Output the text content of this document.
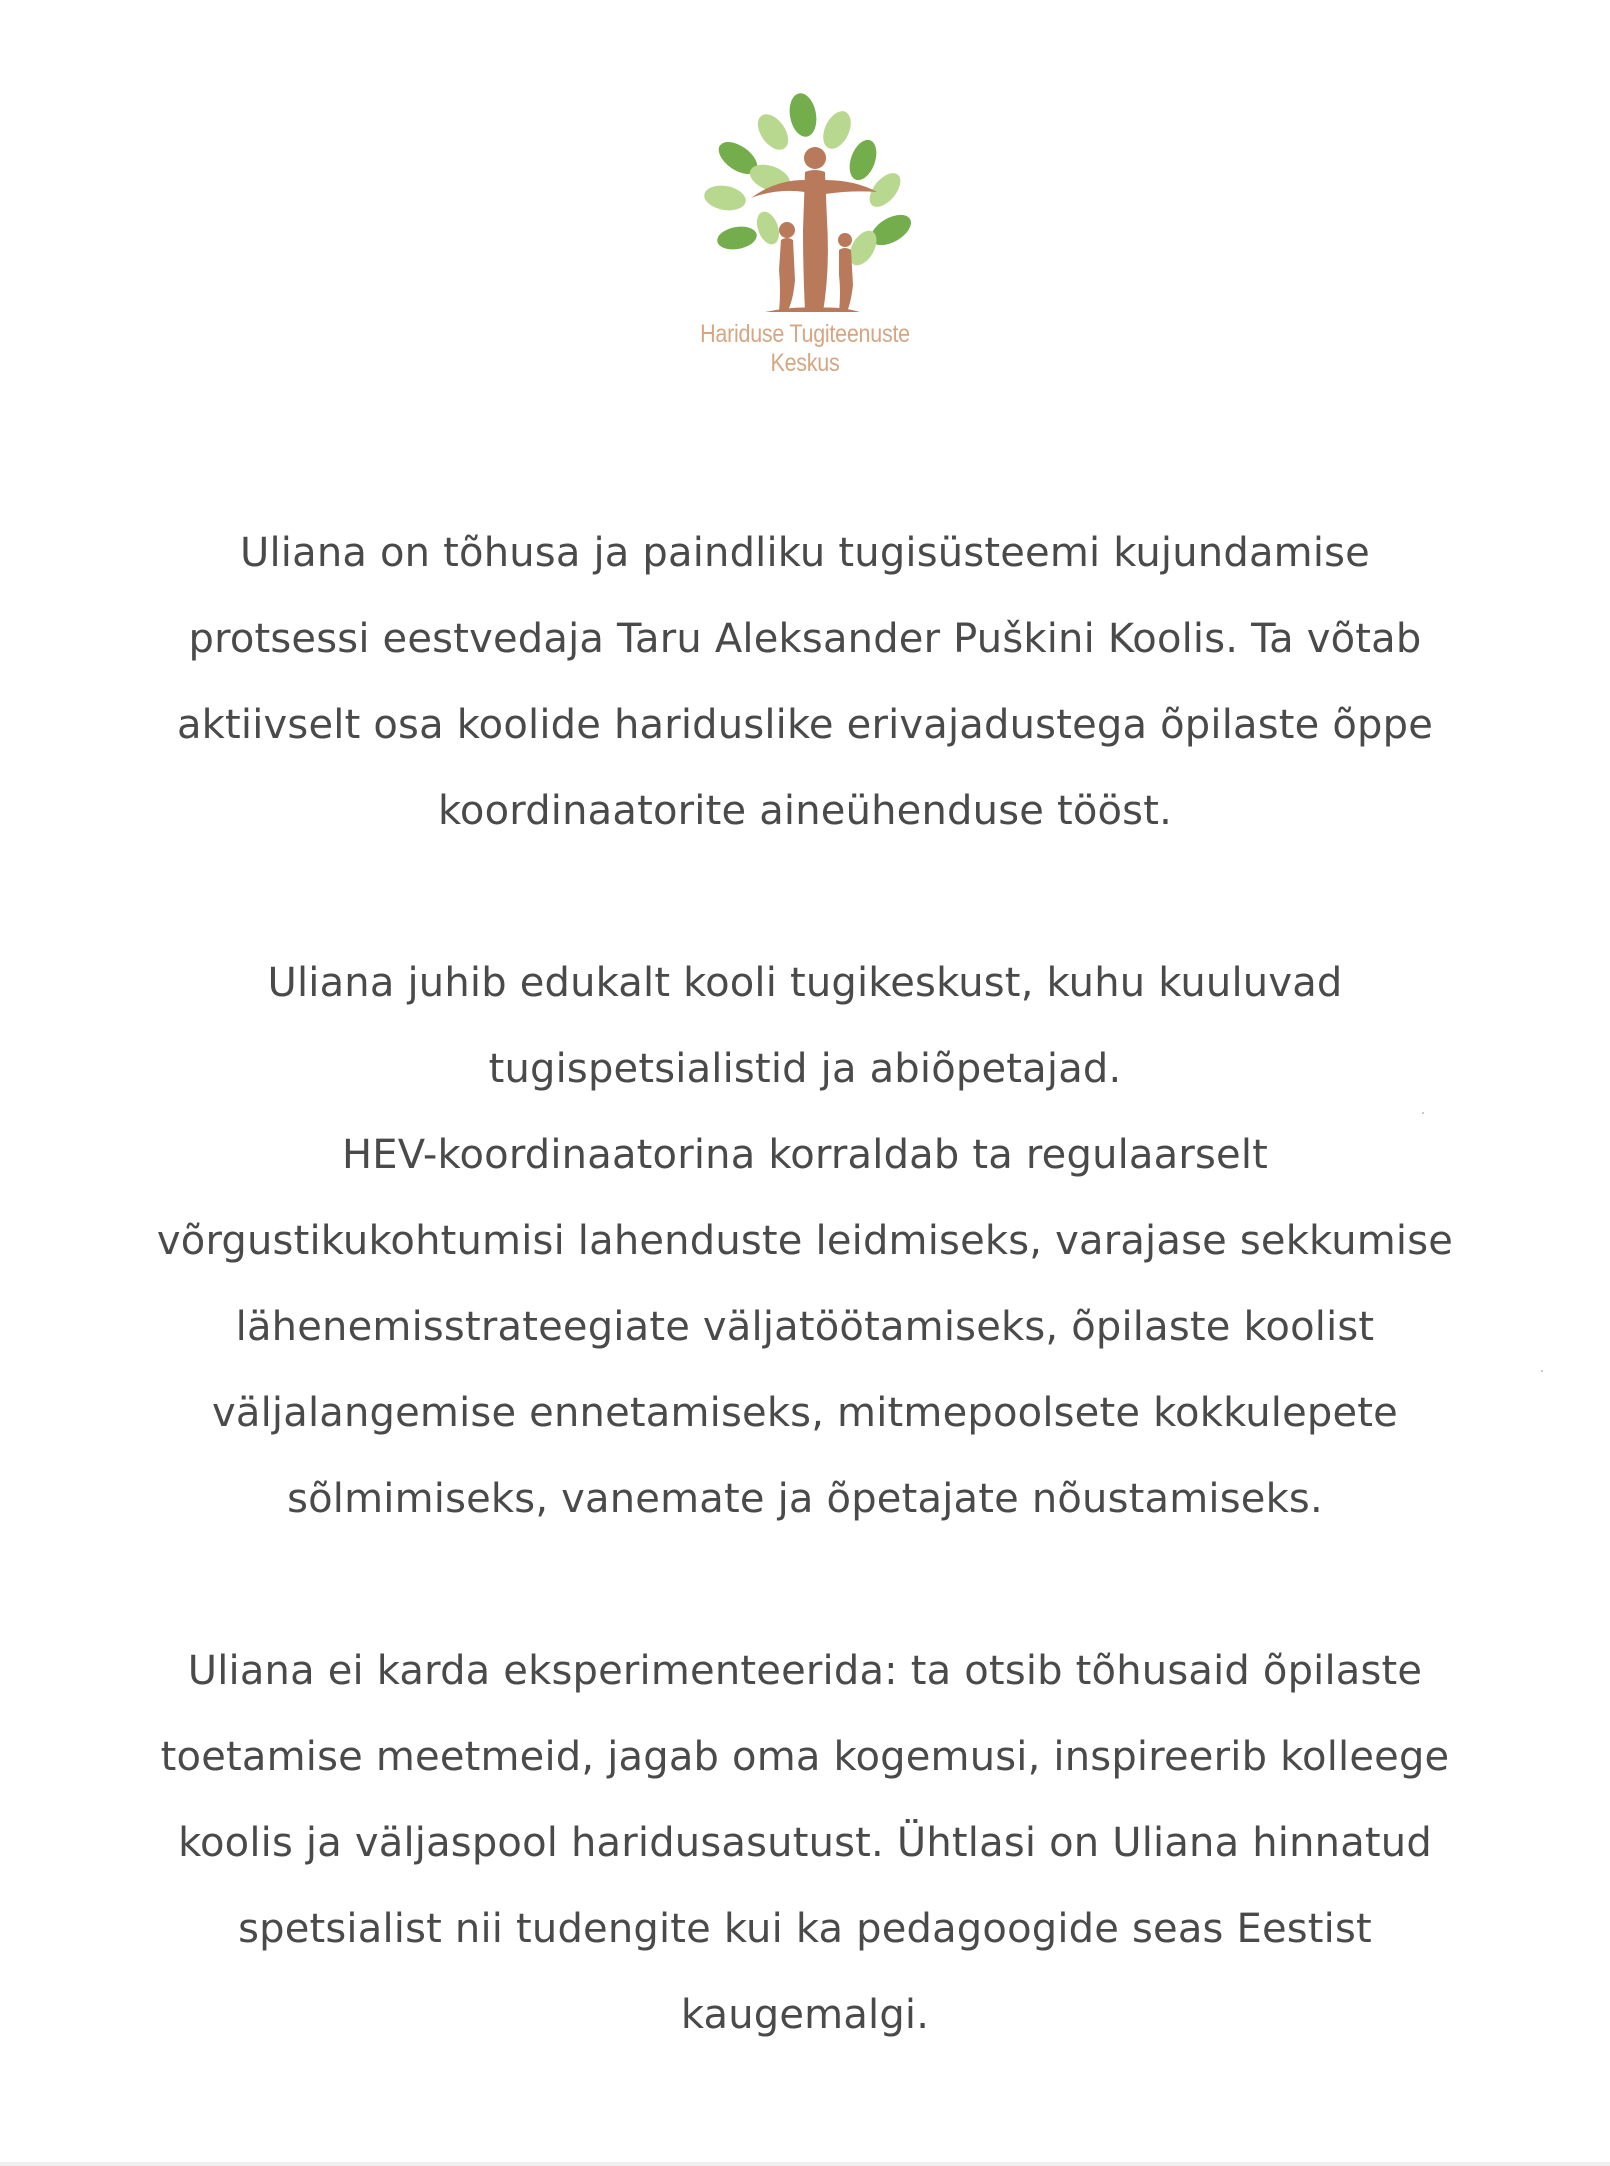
Hariduse Tugiteenuste Keskus

Uliana on tõhusa ja paindliku tugisüsteemi kujundamise
protsessi eestvedaja Taru Aleksander Puškini Koolis. Ta võtab
aktiivselt osa koolide hariduslike erivajadustega õpilaste õppe
koordinaatorite aineühenduse tööst.

Uliana juhib edukalt kooli tugikeskust, kuhu kuuluvad
tugispetsialistid ja abiõpetajad.
HEV-koordinaatorina korraldab ta regulaarselt
võrgustikukohtumisi lahenduste leidmiseks, varajase sekkumise
lähenemisstrateegiate väljatöötamiseks, õpilaste koolist
väljalangemise ennetamiseks, mitmepoolsete kokkulepete
sõlmimiseks, vanemate ja õpetajate nõustamiseks.

Uliana ei karda eksperimenteerida: ta otsib tõhusaid õpilaste
toetamise meetmeid, jagab oma kogemusi, inspireerib kolleege
koolis ja väljaspool haridusasutust. Ühtlasi on Uliana hinnatud
spetsialist nii tudengite kui ka pedagoogide seas Eestist
kaugemalgi.
